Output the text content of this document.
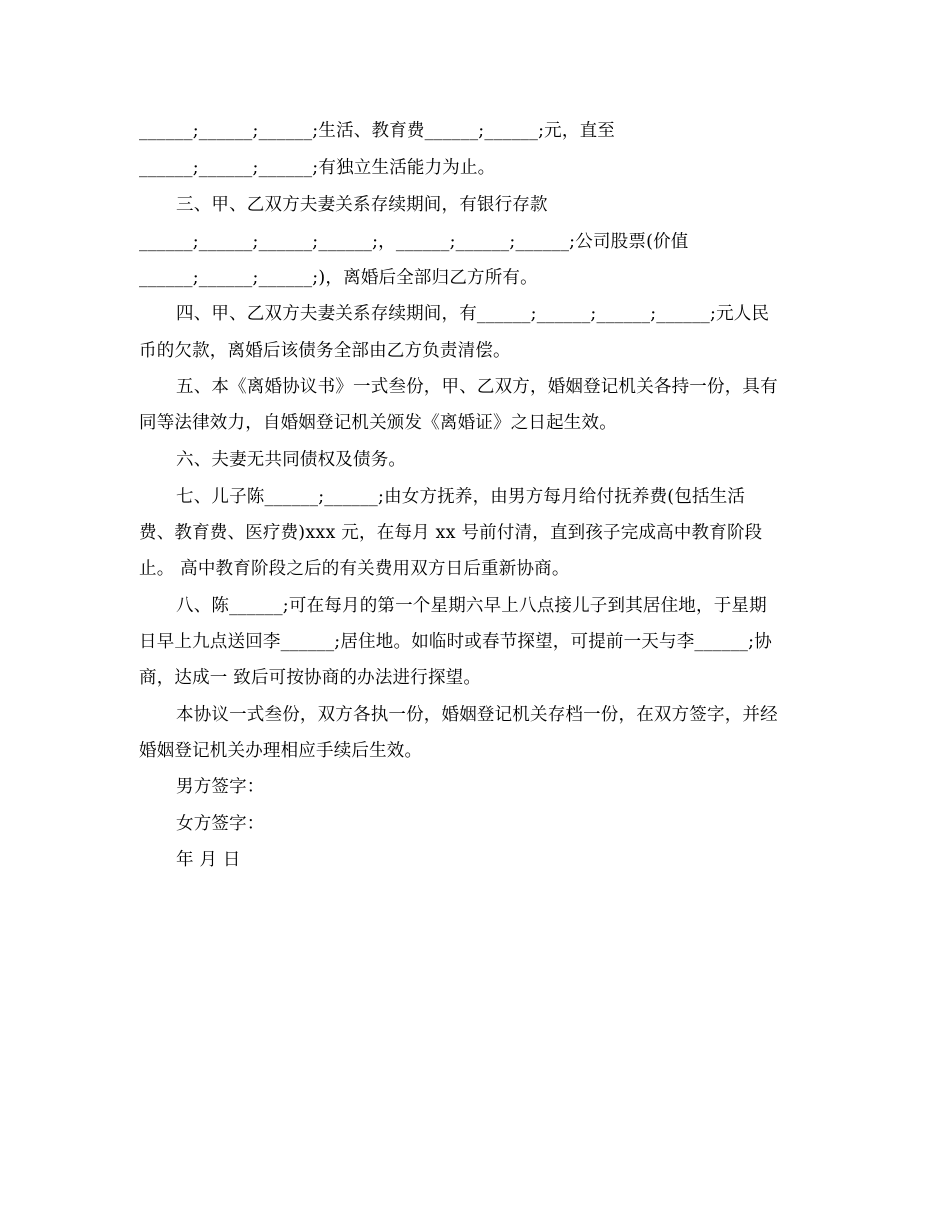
______;______;______;生活、教育费______;______;元，直至
______;______;______;有独立生活能力为止。
三、甲、乙双方夫妻关系存续期间，有银行存款
______;______;______;______;，______;______;______;公司股票(价值
______;______;______;)，离婚后全部归乙方所有。
四、甲、乙双方夫妻关系存续期间，有______;______;______;______;元人民
币的欠款，离婚后该债务全部由乙方负责清偿。
五、本《离婚协议书》一式叁份，甲、乙双方，婚姻登记机关各持一份，具有
同等法律效力，自婚姻登记机关颁发《离婚证》之日起生效。
六、夫妻无共同债权及债务。
七、儿子陈______;______;由女方抚养，由男方每月给付抚养费(包括生活
费、教育费、医疗费)xxx 元，在每月 xx 号前付清，直到孩子完成高中教育阶段
止。 高中教育阶段之后的有关费用双方日后重新协商。
八、陈______;可在每月的第一个星期六早上八点接儿子到其居住地，于星期
日早上九点送回李______;居住地。如临时或春节探望，可提前一天与李______;协
商，达成一 致后可按协商的办法进行探望。
本协议一式叁份，双方各执一份，婚姻登记机关存档一份，在双方签字，并经
婚姻登记机关办理相应手续后生效。
男方签字：
女方签字：
年 月 日
